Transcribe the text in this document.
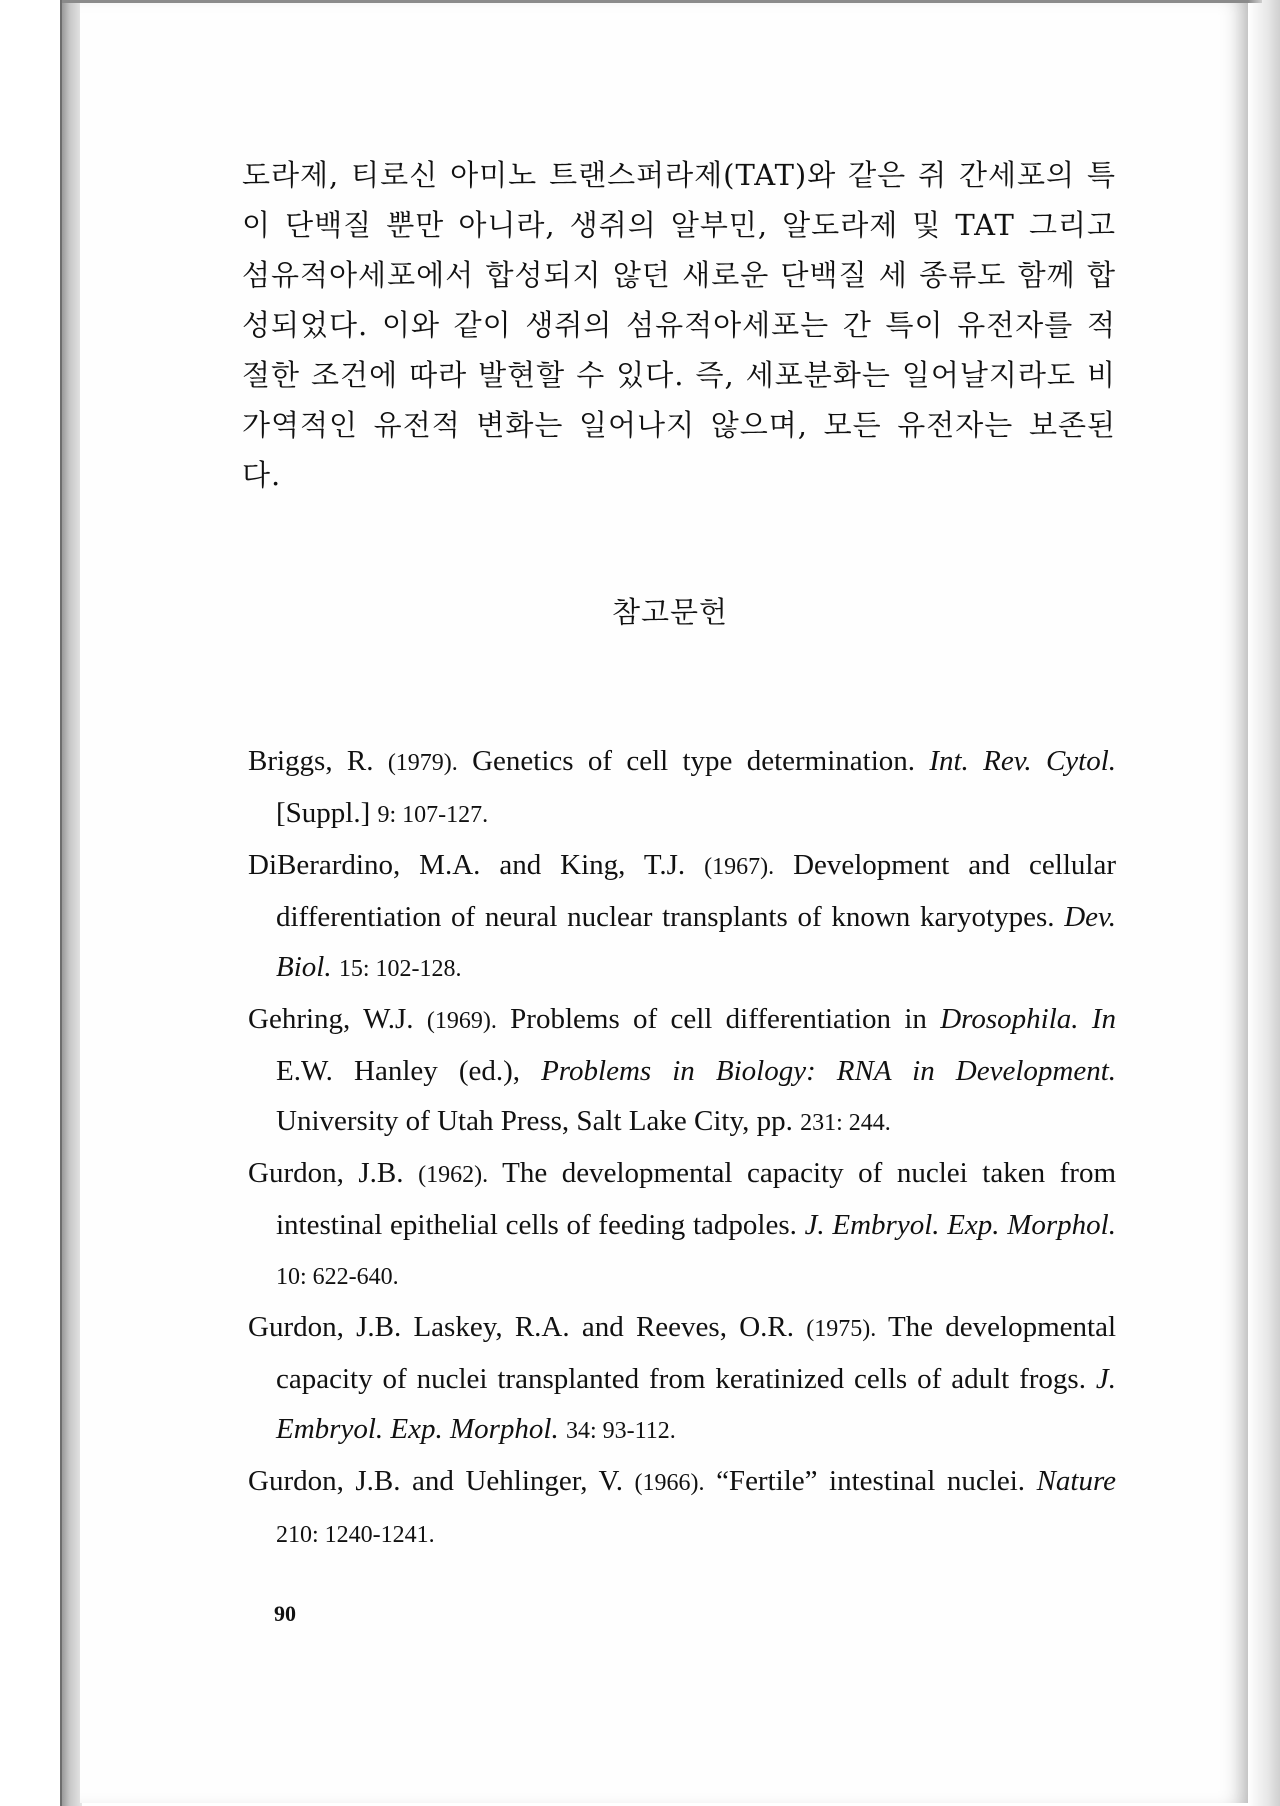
도라제, 티로신 아미노 트랜스퍼라제(TAT)와 같은 쥐 간세포의 특이 단백질 뿐만 아니라, 생쥐의 알부민, 알도라제 및 TAT 그리고 섬유적아세포에서 합성되지 않던 새로운 단백질 세 종류도 함께 합성되었다. 이와 같이 생쥐의 섬유적아세포는 간 특이 유전자를 적절한 조건에 따라 발현할 수 있다. 즉, 세포분화는 일어날지라도 비가역적인 유전적 변화는 일어나지 않으며, 모든 유전자는 보존된다.

참고문헌

Briggs, R. (1979). Genetics of cell type determination. Int. Rev. Cytol. [Suppl.] 9: 107-127.

DiBerardino, M.A. and King, T.J. (1967). Development and cellular differentiation of neural nuclear transplants of known karyotypes. Dev. Biol. 15: 102-128.

Gehring, W.J. (1969). Problems of cell differentiation in Drosophila. In E.W. Hanley (ed.), Problems in Biology: RNA in Development. University of Utah Press, Salt Lake City, pp. 231: 244.

Gurdon, J.B. (1962). The developmental capacity of nuclei taken from intestinal epithelial cells of feeding tadpoles. J. Embryol. Exp. Morphol. 10: 622-640.

Gurdon, J.B. Laskey, R.A. and Reeves, O.R. (1975). The developmental capacity of nuclei transplanted from keratinized cells of adult frogs. J. Embryol. Exp. Morphol. 34: 93-112.

Gurdon, J.B. and Uehlinger, V. (1966). “Fertile” intestinal nuclei. Nature 210: 1240-1241.

90
